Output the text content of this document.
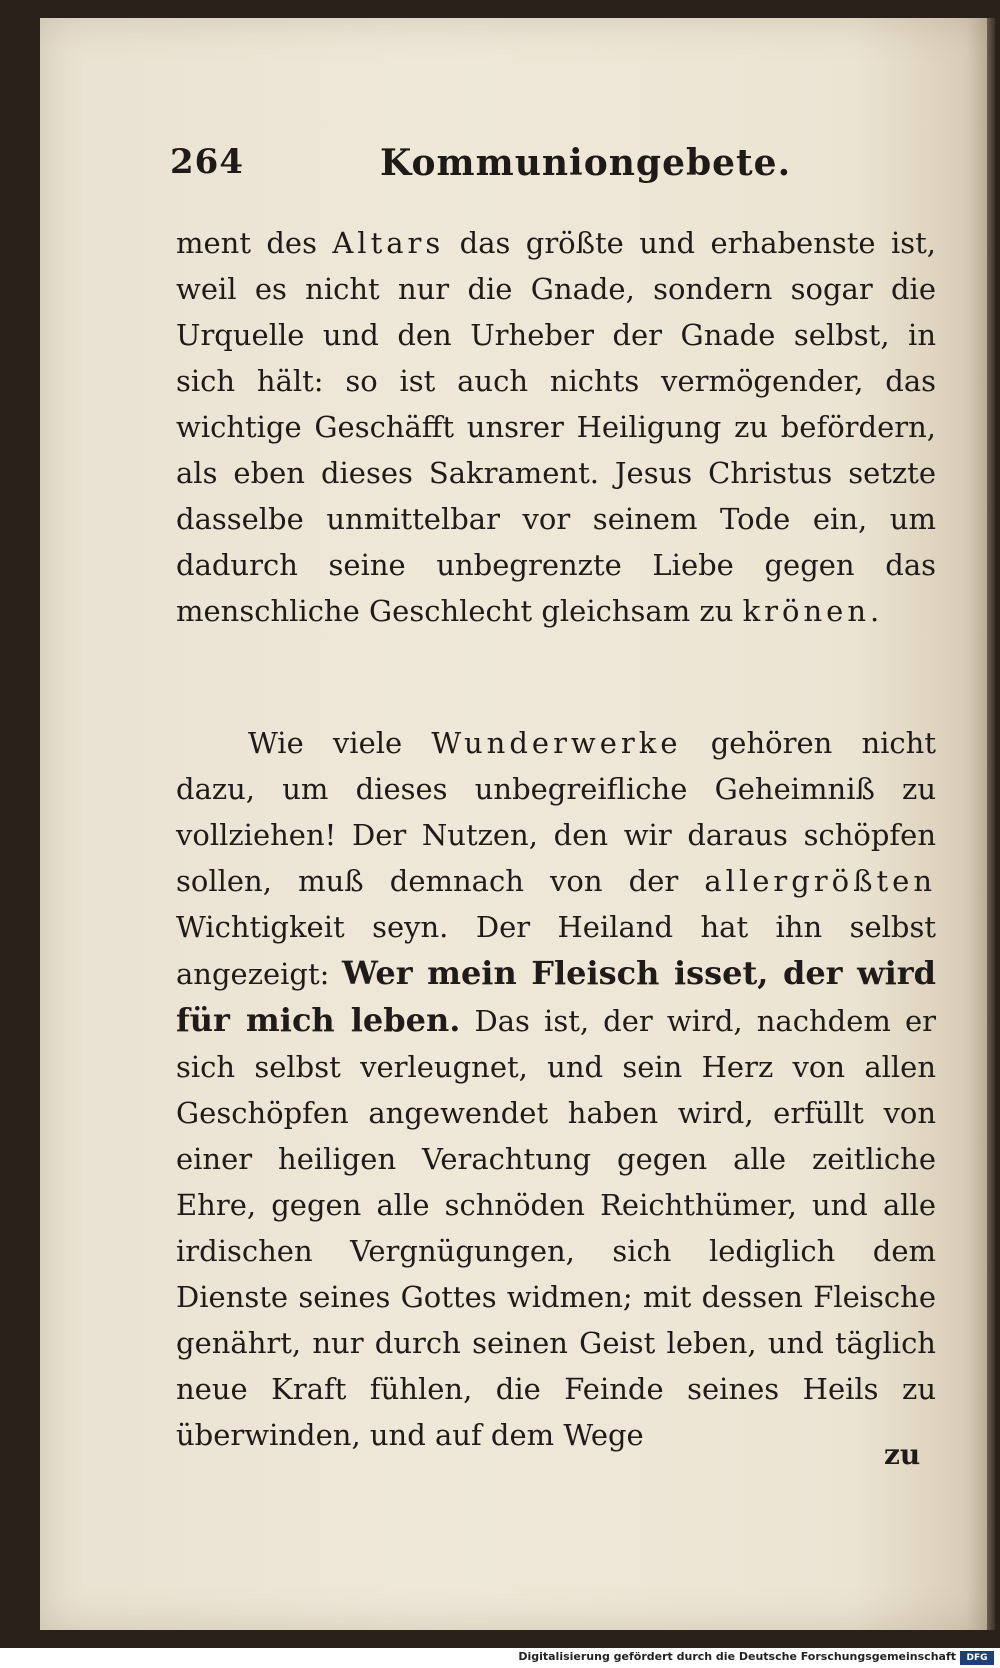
264	Kommuniongebete.
ment des Altars das größte und erhabenste ist, weil es nicht nur die Gnade, sondern sogar die Urquelle und den Urheber der Gnade selbst, in sich hält: so ist auch nichts vermögender, das wichtige Geschäfft unsrer Heiligung zu befördern, als eben dieses Sakrament. Jesus Christus setzte dasselbe unmittelbar vor seinem Tode ein, um dadurch seine unbegrenzte Liebe gegen das menschliche Geschlecht gleichsam zu krönen.
Wie viele Wunderwerke gehören nicht dazu, um dieses unbegreifliche Geheimniß zu vollziehen! Der Nutzen, den wir daraus schöpfen sollen, muß demnach von der allergrößten Wichtigkeit seyn. Der Heiland hat ihn selbst angezeigt: Wer mein Fleisch isset, der wird für mich leben. Das ist, der wird, nachdem er sich selbst verleugnet, und sein Herz von allen Geschöpfen angewendet haben wird, erfüllt von einer heiligen Verachtung gegen alle zeitliche Ehre, gegen alle schnöden Reichthümer, und alle irdischen Vergnügungen, sich lediglich dem Dienste seines Gottes widmen; mit dessen Fleische genährt, nur durch seinen Geist leben, und täglich neue Kraft fühlen, die Feinde seines Heils zu überwinden, und auf dem Wege
zu
Digitalisierung gefördert durch die Deutsche Forschungsgemeinschaft	DFG
